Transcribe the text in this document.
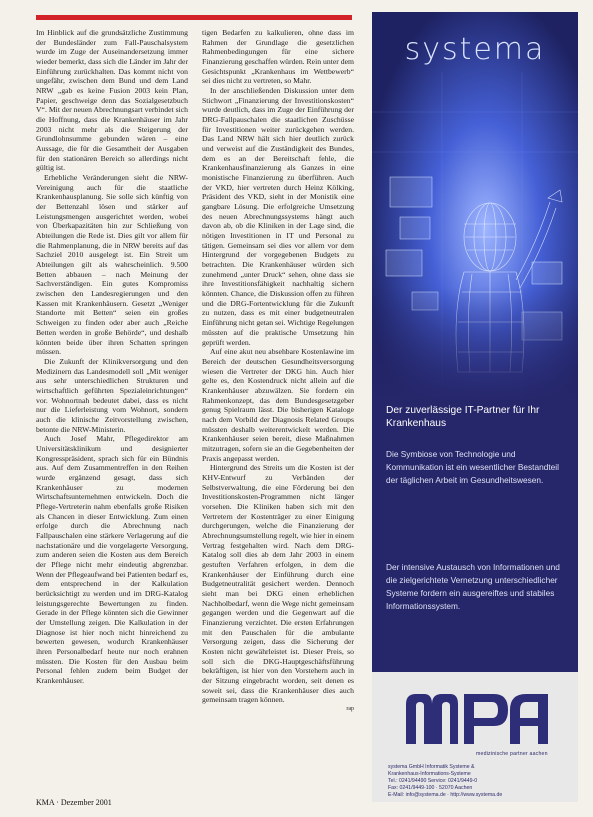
Im Hinblick auf die grundsätzliche Zustimmung der Bundesländer zum Fall-Pauschalsystem wurde im Zuge der Auseinandersetzung immer wieder bemerkt, dass sich die Länder im Jahr der Einführung zurückhalten. Das kommt nicht von ungefähr, zwischen dem Bund und dem Land NRW „gab es keine Fusion 2003 kein Plan, Papier, geschweige denn das Sozialgesetzbuch V“. Mit der neuen Abrechnungsart verbindet sich die Hoffnung, dass die Krankenhäuser im Jahr 2003 nicht mehr als die Steigerung der Grundlohnsumme gebunden wären – eine Aussage, die für die Gesamtheit der Ausgaben für den stationären Bereich so allerdings nicht gültig ist.

Erhebliche Veränderungen sieht die NRW-Vereinigung auch für die staatliche Krankenhausplanung. Sie solle sich künftig von der Bettenzahl lösen und stärker auf Leistungsmengen ausgerichtet werden, wobei von Überkapazitäten hin zur Schließung von Abteilungen die Rede ist. Dies gilt vor allem für die Rahmenplanung, die in NRW bereits auf das Sachziel 2010 ausgelegt ist. Ein Streit um Abteilungen gilt als wahrscheinlich. 9.500 Betten abbauen – nach Meinung der Sachverständigen. Ein gutes Kompromiss zwischen den Landesregierungen und den Kassen mit Krankenhäusern. Gesetzt „Weniger Standorte mit Betten“ seien ein großes Schweigen zu finden oder aber auch „Reiche Betten werden in große Behörde“, und deshalb könnten beide über ihren Schatten springen müssen.

Die Zukunft der Klinikversorgung und den Medizinern das Landesmodell soll „Mit weniger aus sehr unterschiedlichen Strukturen und wirtschaftlich geführten Spezialeinrichtungen“ vor. Wohnortnah bedeutet dabei, dass es nicht nur die Lieferleistung vom Wohnort, sondern auch die klinische Zeitvorstellung zwischen, betonte die NRW-Ministerin.

Auch Josef Mahr, Pflegedirektor am Universitätsklinikum und designierter Kongresspräsident, sprach sich für ein Bündnis aus. Auf dem Zusammentreffen in den Reihen wurde ergänzend gesagt, dass sich Krankenhäuser zu modernen Wirtschaftsunternehmen entwickeln. Doch die Pflege-Vertreterin nahm ebenfalls große Risiken als Chancen in dieser Entwicklung. Zum einen erfolge durch die Abrechnung nach Fallpauschalen eine stärkere Verlagerung auf die nachstationäre und die vorgelagerte Versorgung, zum anderen seien die Kosten aus dem Bereich der Pflege nicht mehr eindeutig abgrenzbar. Wenn der Pflegeaufwand bei Patienten bedarf es, dem entsprechend in der Kalkulation berücksichtigt zu werden und im DRG-Katalog leistungsgerechte Bewertungen zu finden. Gerade in der Pflege könnten sich die Gewinner der Umstellung zeigen. Die Kalkulation in der Diagnose ist hier noch nicht hinreichend zu bewerten gewesen, wodurch Krankenhäuser ihren Personalbedarf heute nur noch erahnen müssten. Die Kosten für den Ausbau beim Personal fehlen zudem beim Budget der Krankenhäuser.

tigen Bedarfen zu kalkulieren, ohne dass im Rahmen der Grundlage die gesetzlichen Rahmenbedingungen für eine sichere Finanzierung geschaffen würden. Rein unter dem Gesichtspunkt „Krankenhaus im Wettbewerb“ sei dies nicht zu vertreten, so Mahr.

In der anschließenden Diskussion unter dem Stichwort „Finanzierung der Investitionskosten“ wurde deutlich, dass im Zuge der Einführung der DRG-Fallpauschalen die staatlichen Zuschüsse für Investitionen weiter zurückgehen werden. Das Land NRW hält sich hier deutlich zurück und verweist auf die Zuständigkeit des Bundes, dem es an der Bereitschaft fehle, die Krankenhausfinanzierung als Ganzes in eine monistische Finanzierung zu überführen. Auch der VKD, hier vertreten durch Heinz Kölking, Präsident des VKD, sieht in der Monistik eine gangbare Lösung. Die erfolgreiche Umsetzung des neuen Abrechnungssystems hängt auch davon ab, ob die Kliniken in der Lage sind, die nötigen Investitionen in IT und Personal zu tätigen. Gemeinsam sei dies vor allem vor dem Hintergrund der vorgegebenen Budgets zu betrachten. Die Krankenhäuser würden sich zunehmend „unter Druck“ sehen, ohne dass sie ihre Investitionsfähigkeit nachhaltig sichern könnten. Chance, die Diskussion offen zu führen und die DRG-Fortentwicklung für die Zukunft zu nutzen, dass es mit einer budgetneutralen Einführung nicht getan sei. Wichtige Regelungen müssten auf die praktische Umsetzung hin geprüft werden.

Auf eine akut neu absehbare Kostenlawine im Bereich der deutschen Gesundheitsversorgung wiesen die Vertreter der DKG hin. Auch hier gelte es, den Kostendruck nicht allein auf die Krankenhäuser abzuwälzen. Sie fordern ein Rahmenkonzept, das dem Bundesgesetzgeber genug Spielraum lässt. Die bisherigen Kataloge nach dem Vorbild der Diagnosis Related Groups müssten deshalb weiterentwickelt werden. Die Krankenhäuser seien bereit, diese Maßnahmen mitzutragen, sofern sie an die Gegebenheiten der Praxis angepasst werden.

Hintergrund des Streits um die Kosten ist der KHV-Entwurf zu Verbänden der Selbstverwaltung, die eine Förderung bei den Investitionskosten-Programmen nicht länger vorsehen. Die Kliniken haben sich mit den Vertretern der Kostenträger zu einer Einigung durchgerungen, welche die Finanzierung der Abrechnungsumstellung regelt, wie hier in einem Vertrag festgehalten wird. Nach dem DRG-Katalog soll dies ab dem Jahr 2003 in einem gestuften Verfahren erfolgen, in dem die Krankenhäuser der Einführung durch eine Budgetneutralität gesichert werden. Dennoch sieht man bei DKG einen erheblichen Nachholbedarf, wenn die Wege nicht gemeinsam gegangen werden und die Gegenwart auf die Finanzierung verzichtet. Die ersten Erfahrungen mit den Pauschalen für die ambulante Versorgung zeigen, dass die Sicherung der Kosten nicht gewährleistet ist. Dieser Preis, so soll sich die DKG-Hauptgeschäftsführung bekräftigen, ist hier von den Vorstehern auch in der Sitzung eingebracht worden, seit denen es soweit sei, dass die Krankenhäuser dies auch gemeinsam tragen können.

rap
KMA · Dezember 2001
systema
Der zuverlässige IT-Partner für Ihr Krankenhaus
Die Symbiose von Technologie und Kommunikation ist ein wesentlicher Bestandteil der täglichen Arbeit im Gesundheitswesen.
Der intensive Austausch von Informationen und die zielgerichtete Vernetzung unterschiedlicher Systeme fordern ein ausgereiftes und stabiles Informationssystem.
medizinische partner aachen
systema GmbH Informatik Systeme &
Krankenhaus-Informations-Systeme
Tel.: 0241/94490 Service: 0241/9449-0
Fax: 0241/9449-100 · 52070 Aachen
E-Mail: info@systema.de · http://www.systema.de
